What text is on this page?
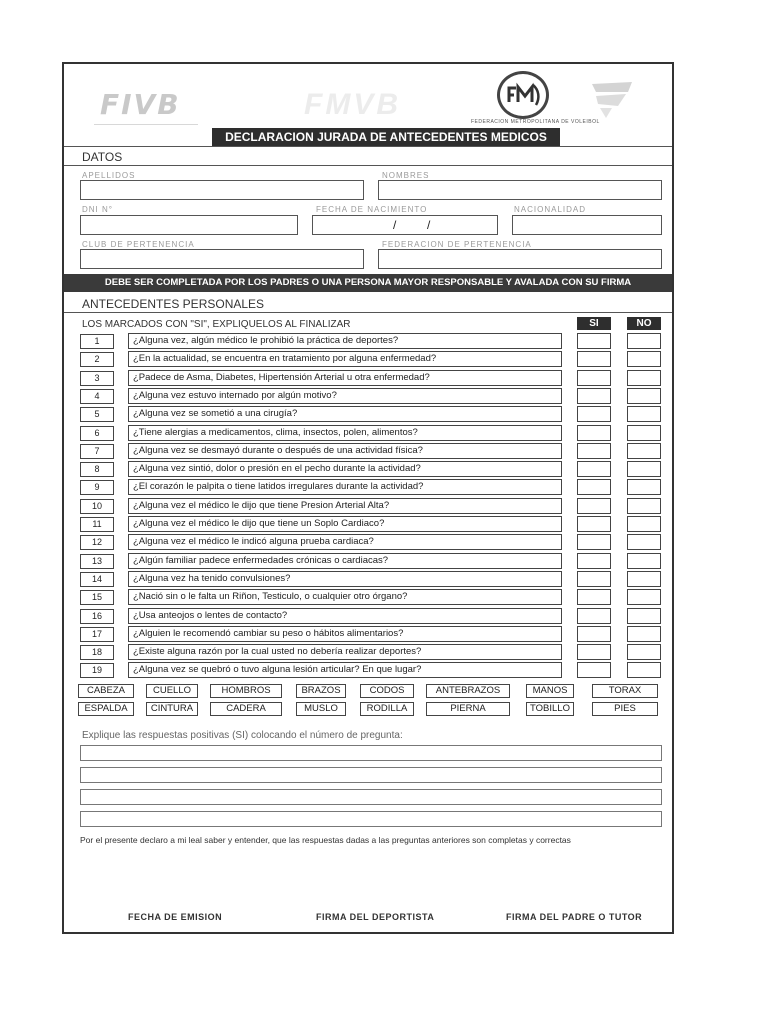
FIVB	FMVB
FEDERACION METROPOLITANA DE VOLEIBOL
DECLARACION JURADA DE ANTECEDENTES MEDICOS
DATOS
APELLIDOS	NOMBRES
DNI N°	FECHA DE NACIMIENTO	NACIONALIDAD
/	/
CLUB DE PERTENENCIA	FEDERACION DE PERTENENCIA
DEBE SER COMPLETADA POR LOS PADRES O UNA PERSONA MAYOR RESPONSABLE Y AVALADA CON SU FIRMA
ANTECEDENTES PERSONALES
LOS MARCADOS CON "SI", EXPLIQUELOS AL FINALIZAR	SI	NO
1	¿Alguna vez, algún médico le prohibió la práctica de deportes?
2	¿En la actualidad, se encuentra en tratamiento por alguna enfermedad?
3	¿Padece de Asma, Diabetes, Hipertensión Arterial u otra enfermedad?
4	¿Alguna vez estuvo internado por algún motivo?
5	¿Alguna vez se sometió a una cirugía?
6	¿Tiene alergias a medicamentos, clima, insectos, polen, alimentos?
7	¿Alguna vez se desmayó durante o después de una actividad física?
8	¿Alguna vez sintió, dolor o presión en el pecho durante la actividad?
9	¿El corazón le palpita o tiene latidos irregulares durante la actividad?
10	¿Alguna vez el médico le dijo que tiene Presion Arterial Alta?
11	¿Alguna vez el médico le dijo que tiene un Soplo Cardiaco?
12	¿Alguna vez el médico le indicó alguna prueba cardiaca?
13	¿Algún familiar padece enfermedades crónicas o cardiacas?
14	¿Alguna vez ha tenido convulsiones?
15	¿Nació sin o le falta un Riñon, Testiculo, o cualquier otro órgano?
16	¿Usa anteojos o lentes de contacto?
17	¿Alguien le recomendó cambiar su peso o hábitos alimentarios?
18	¿Existe alguna razón por la cual usted no debería realizar deportes?
19	¿Alguna vez se quebró o tuvo alguna lesión articular? En que lugar?
CABEZA	CUELLO	HOMBROS	BRAZOS	CODOS	ANTEBRAZOS	MANOS	TORAX
ESPALDA	CINTURA	CADERA	MUSLO	RODILLA	PIERNA	TOBILLO	PIES
Explique las respuestas positivas (SI) colocando el número de pregunta:
Por el presente declaro a mi leal saber y entender, que las respuestas dadas a las preguntas anteriores son completas y correctas
FECHA DE EMISION	FIRMA DEL DEPORTISTA	FIRMA DEL PADRE O TUTOR
